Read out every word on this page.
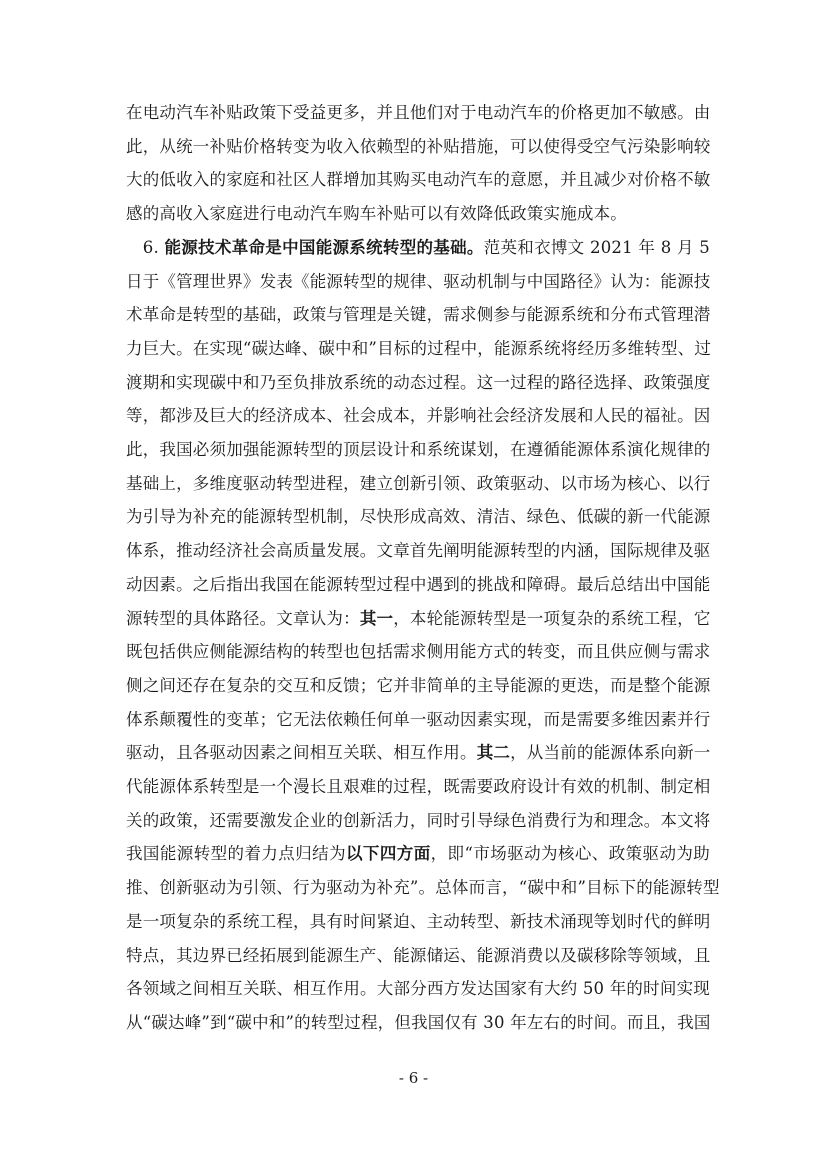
在电动汽车补贴政策下受益更多，并且他们对于电动汽车的价格更加不敏感。由
此，从统一补贴价格转变为收入依赖型的补贴措施，可以使得受空气污染影响较
大的低收入的家庭和社区人群增加其购买电动汽车的意愿，并且减少对价格不敏
感的高收入家庭进行电动汽车购车补贴可以有效降低政策实施成本。
　6. 能源技术革命是中国能源系统转型的基础。范英和衣博文 2021 年 8 月 5
日于《管理世界》发表《能源转型的规律、驱动机制与中国路径》认为：能源技
术革命是转型的基础，政策与管理是关键，需求侧参与能源系统和分布式管理潜
力巨大。在实现“碳达峰、碳中和”目标的过程中，能源系统将经历多维转型、过
渡期和实现碳中和乃至负排放系统的动态过程。这一过程的路径选择、政策强度
等，都涉及巨大的经济成本、社会成本，并影响社会经济发展和人民的福祉。因
此，我国必须加强能源转型的顶层设计和系统谋划，在遵循能源体系演化规律的
基础上，多维度驱动转型进程，建立创新引领、政策驱动、以市场为核心、以行
为引导为补充的能源转型机制，尽快形成高效、清洁、绿色、低碳的新一代能源
体系，推动经济社会高质量发展。文章首先阐明能源转型的内涵，国际规律及驱
动因素。之后指出我国在能源转型过程中遇到的挑战和障碍。最后总结出中国能
源转型的具体路径。文章认为：其一，本轮能源转型是一项复杂的系统工程，它
既包括供应侧能源结构的转型也包括需求侧用能方式的转变，而且供应侧与需求
侧之间还存在复杂的交互和反馈；它并非简单的主导能源的更迭，而是整个能源
体系颠覆性的变革；它无法依赖任何单一驱动因素实现，而是需要多维因素并行
驱动，且各驱动因素之间相互关联、相互作用。其二，从当前的能源体系向新一
代能源体系转型是一个漫长且艰难的过程，既需要政府设计有效的机制、制定相
关的政策，还需要激发企业的创新活力，同时引导绿色消费行为和理念。本文将
我国能源转型的着力点归结为以下四方面，即“市场驱动为核心、政策驱动为助
推、创新驱动为引领、行为驱动为补充”。总体而言，“碳中和”目标下的能源转型
是一项复杂的系统工程，具有时间紧迫、主动转型、新技术涌现等划时代的鲜明
特点，其边界已经拓展到能源生产、能源储运、能源消费以及碳移除等领域，且
各领域之间相互关联、相互作用。大部分西方发达国家有大约 50 年的时间实现
从“碳达峰”到“碳中和”的转型过程，但我国仅有 30 年左右的时间。而且，我国
- 6 -
